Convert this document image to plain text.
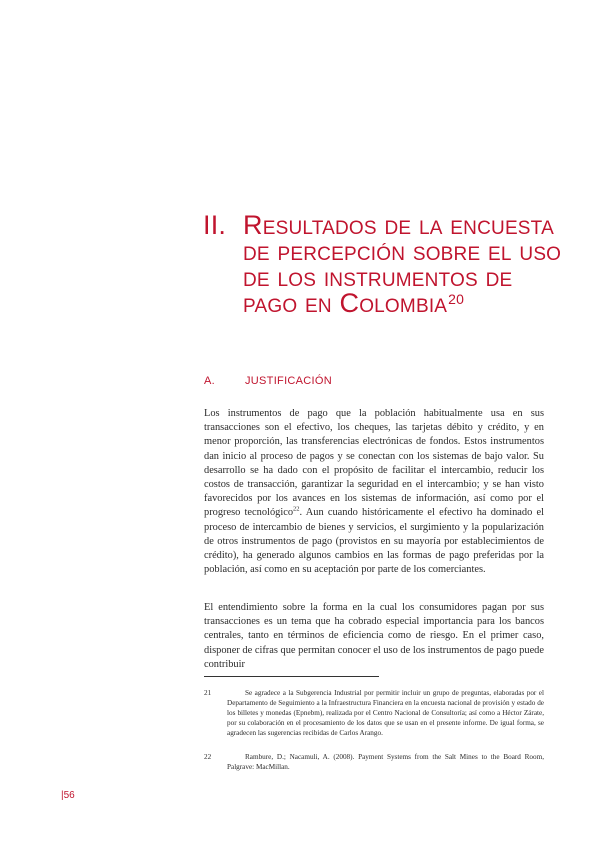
II. Resultados de la encuesta de percepción sobre el uso de los instrumentos de pago en Colombia$^{20}$
A.	JUSTIFICACIÓN

Los instrumentos de pago que la población habitualmente usa en sus transacciones son el efectivo, los cheques, las tarjetas débito y crédito, y en menor proporción, las transferencias electrónicas de fondos. Estos instrumentos dan inicio al proceso de pagos y se conectan con los sistemas de bajo valor. Su desarrollo se ha dado con el propósito de facilitar el intercambio, reducir los costos de transacción, garantizar la seguridad en el intercambio; y se han visto favorecidos por los avances en los sistemas de información, así como por el progreso tecnológico$^{22}$. Aun cuando históricamente el efectivo ha dominado el proceso de intercambio de bienes y servicios, el surgimiento y la popularización de otros instrumentos de pago (provistos en su mayoría por establecimientos de crédito), ha generado algunos cambios en las formas de pago preferidas por la población, así como en su aceptación por parte de los comerciantes.

El entendimiento sobre la forma en la cual los consumidores pagan por sus transacciones es un tema que ha cobrado especial importancia para los bancos centrales, tanto en términos de eficiencia como de riesgo. En el primer caso, disponer de cifras que permitan conocer el uso de los instrumentos de pago puede contribuir

21	Se agradece a la Subgerencia Industrial por permitir incluir un grupo de preguntas, elaboradas por el Departamento de Seguimiento a la Infraestructura Financiera en la encuesta nacional de provisión y estado de los billetes y monedas (Epnebm), realizada por el Centro Nacional de Consultoría; así como a Héctor Zárate, por su colaboración en el procesamiento de los datos que se usan en el presente informe. De igual forma, se agradecen las sugerencias recibidas de Carlos Arango.
22	Rambure, D.; Nacamuli, A. (2008). Payment Systems from the Salt Mines to the Board Room, Palgrave: MacMillan.
|56
